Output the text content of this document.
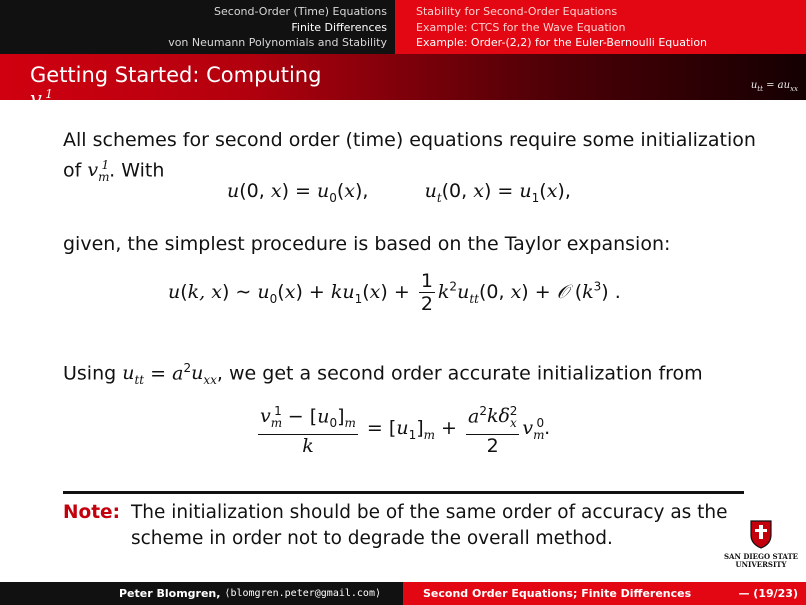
Second-Order (Time) Equations
Finite Differences
von Neumann Polynomials and Stability
Stability for Second-Order Equations
Example: CTCS for the Wave Equation
Example: Order-(2,2) for the Euler-Bernoulli Equation
Getting Started: Computing $v_m^1$
$u_{tt} = au_{xx}$
All schemes for second order (time) equations require some initialization
of $v_m^1$. With
u(0, $x) = u_0(x)$,	$u_t(0$, $x) = u_1(x)$,
given, the simplest procedure is based on the Taylor expansion:
u(k, x) ∼ $u_0(x) + ku_1(x) + \frac{1}{2} k^2u_{tt}(0$, x) + 𝒪 $(k^3)$ .
Using $u_{tt} = a^2u_{xx}$, we get a second order accurate initialization from
$\frac{v_m^1 - [u_0]_m}{k} = [u_1]_m + \frac{a^2k\delta_x^2}{2} v_m^0$.
Note: The initialization should be of the same order of accuracy as the scheme in order not to degrade the overall method.
SAN DIEGO STATE
UNIVERSITY
Peter Blomgren, ⟨blomgren.peter@gmail.com⟩	Second Order Equations; Finite Differences	— (19/23)
